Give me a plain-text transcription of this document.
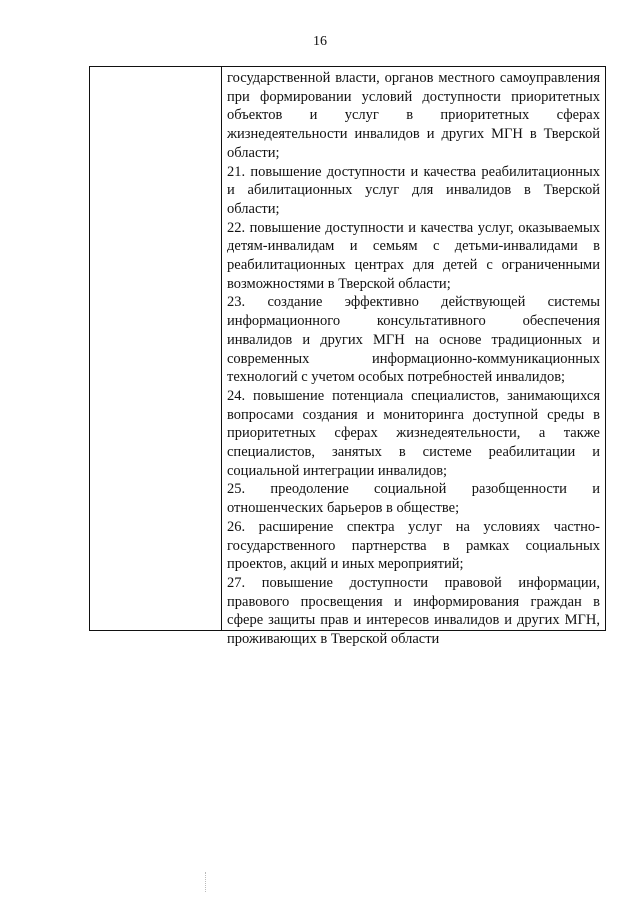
16

государственной власти, органов местного самоуправления при формировании условий доступности приоритетных объектов и услуг в приоритетных сферах жизнедеятельности инвалидов и других МГН в Тверской области;

21. повышение доступности и качества реабилитационных и абилитационных услуг для инвалидов в Тверской области;

22. повышение доступности и качества услуг, оказываемых детям-инвалидам и семьям с детьми-инвалидами в реабилитационных центрах для детей с ограниченными возможностями в Тверской области;

23. создание эффективно действующей системы информационного консультативного обеспечения инвалидов и других МГН на основе традиционных и современных информационно-коммуникационных технологий с учетом особых потребностей инвалидов;

24. повышение потенциала специалистов, занимающихся вопросами создания и мониторинга доступной среды в приоритетных сферах жизнедеятельности, а также специалистов, занятых в системе реабилитации и социальной интеграции инвалидов;

25. преодоление социальной разобщенности и отношенческих барьеров в обществе;

26. расширение спектра услуг на условиях частно-государственного партнерства в рамках социальных проектов, акций и иных мероприятий;

27. повышение доступности правовой информации, правового просвещения и информирования граждан в сфере защиты прав и интересов инвалидов и других МГН, проживающих в Тверской области
